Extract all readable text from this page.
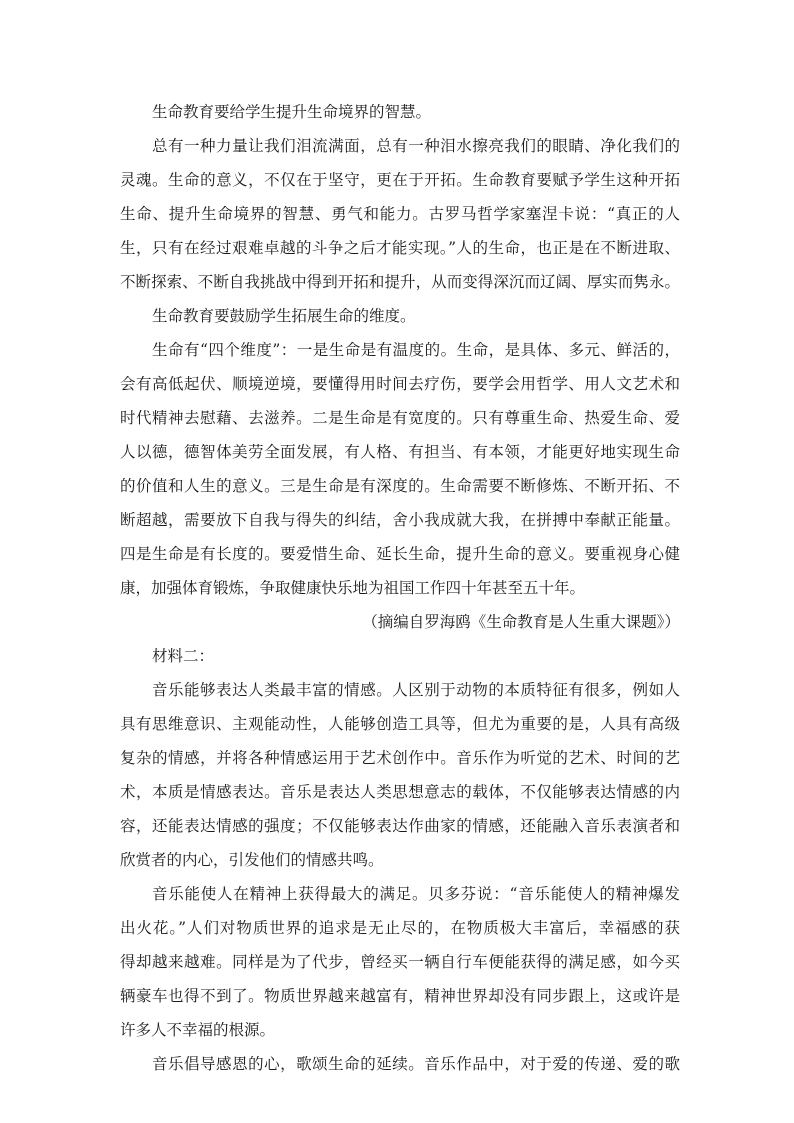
生命教育要给学生提升生命境界的智慧。
总有一种力量让我们泪流满面，总有一种泪水擦亮我们的眼睛、净化我们的
灵魂。生命的意义，不仅在于坚守，更在于开拓。生命教育要赋予学生这种开拓
生命、提升生命境界的智慧、勇气和能力。古罗马哲学家塞涅卡说：“真正的人
生，只有在经过艰难卓越的斗争之后才能实现。”人的生命，也正是在不断进取、
不断探索、不断自我挑战中得到开拓和提升，从而变得深沉而辽阔、厚实而隽永。
生命教育要鼓励学生拓展生命的维度。
生命有“四个维度”：一是生命是有温度的。生命，是具体、多元、鲜活的，
会有高低起伏、顺境逆境，要懂得用时间去疗伤，要学会用哲学、用人文艺术和
时代精神去慰藉、去滋养。二是生命是有宽度的。只有尊重生命、热爱生命、爱
人以德，德智体美劳全面发展，有人格、有担当、有本领，才能更好地实现生命
的价值和人生的意义。三是生命是有深度的。生命需要不断修炼、不断开拓、不
断超越，需要放下自我与得失的纠结，舍小我成就大我，在拼搏中奉献正能量。
四是生命是有长度的。要爱惜生命、延长生命，提升生命的意义。要重视身心健
康，加强体育锻炼，争取健康快乐地为祖国工作四十年甚至五十年。
（摘编自罗海鸥《生命教育是人生重大课题》）
材料二：
音乐能够表达人类最丰富的情感。人区别于动物的本质特征有很多，例如人
具有思维意识、主观能动性，人能够创造工具等，但尤为重要的是，人具有高级
复杂的情感，并将各种情感运用于艺术创作中。音乐作为听觉的艺术、时间的艺
术，本质是情感表达。音乐是表达人类思想意志的载体，不仅能够表达情感的内
容，还能表达情感的强度；不仅能够表达作曲家的情感，还能融入音乐表演者和
欣赏者的内心，引发他们的情感共鸣。
音乐能使人在精神上获得最大的满足。贝多芬说：“音乐能使人的精神爆发
出火花。”人们对物质世界的追求是无止尽的，在物质极大丰富后，幸福感的获
得却越来越难。同样是为了代步，曾经买一辆自行车便能获得的满足感，如今买
辆豪车也得不到了。物质世界越来越富有，精神世界却没有同步跟上，这或许是
许多人不幸福的根源。
音乐倡导感恩的心，歌颂生命的延续。音乐作品中，对于爱的传递、爱的歌
